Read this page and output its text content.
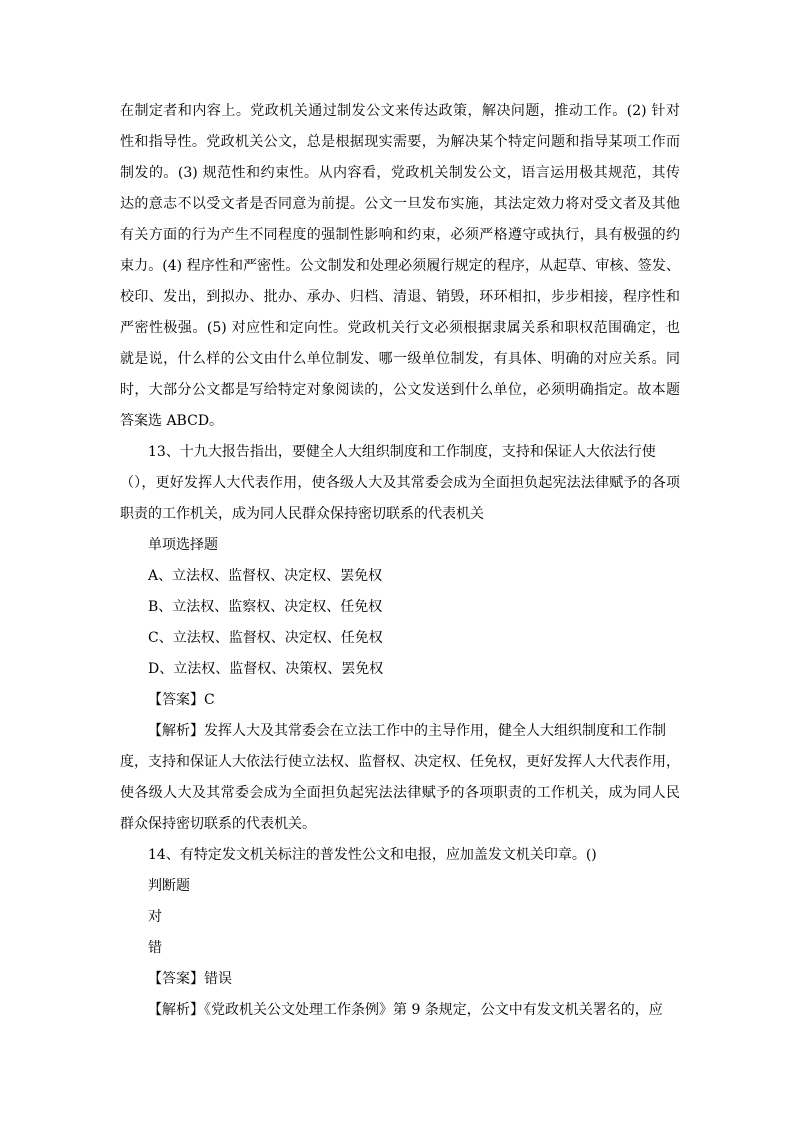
在制定者和内容上。党政机关通过制发公文来传达政策，解决问题，推动工作。(2) 针对
性和指导性。党政机关公文，总是根据现实需要，为解决某个特定问题和指导某项工作而
制发的。(3) 规范性和约束性。从内容看，党政机关制发公文，语言运用极其规范，其传
达的意志不以受文者是否同意为前提。公文一旦发布实施，其法定效力将对受文者及其他
有关方面的行为产生不同程度的强制性影响和约束，必须严格遵守或执行，具有极强的约
束力。(4) 程序性和严密性。公文制发和处理必须履行规定的程序，从起草、审核、签发、
校印、发出，到拟办、批办、承办、归档、清退、销毁，环环相扣，步步相接，程序性和
严密性极强。(5) 对应性和定向性。党政机关行文必须根据隶属关系和职权范围确定，也
就是说，什么样的公文由什么单位制发、哪一级单位制发，有具体、明确的对应关系。同
时，大部分公文都是写给特定对象阅读的，公文发送到什么单位，必须明确指定。故本题
答案选 ABCD。
13、十九大报告指出，要健全人大组织制度和工作制度，支持和保证人大依法行使
（），更好发挥人大代表作用，使各级人大及其常委会成为全面担负起宪法法律赋予的各项
职责的工作机关，成为同人民群众保持密切联系的代表机关
单项选择题
A、立法权、监督权、决定权、罢免权
B、立法权、监察权、决定权、任免权
C、立法权、监督权、决定权、任免权
D、立法权、监督权、决策权、罢免权
【答案】C
【解析】发挥人大及其常委会在立法工作中的主导作用，健全人大组织制度和工作制
度，支持和保证人大依法行使立法权、监督权、决定权、任免权，更好发挥人大代表作用，
使各级人大及其常委会成为全面担负起宪法法律赋予的各项职责的工作机关，成为同人民
群众保持密切联系的代表机关。
14、有特定发文机关标注的普发性公文和电报，应加盖发文机关印章。()
判断题
对
错
【答案】错误
【解析】《党政机关公文处理工作条例》第 9 条规定，公文中有发文机关署名的，应
